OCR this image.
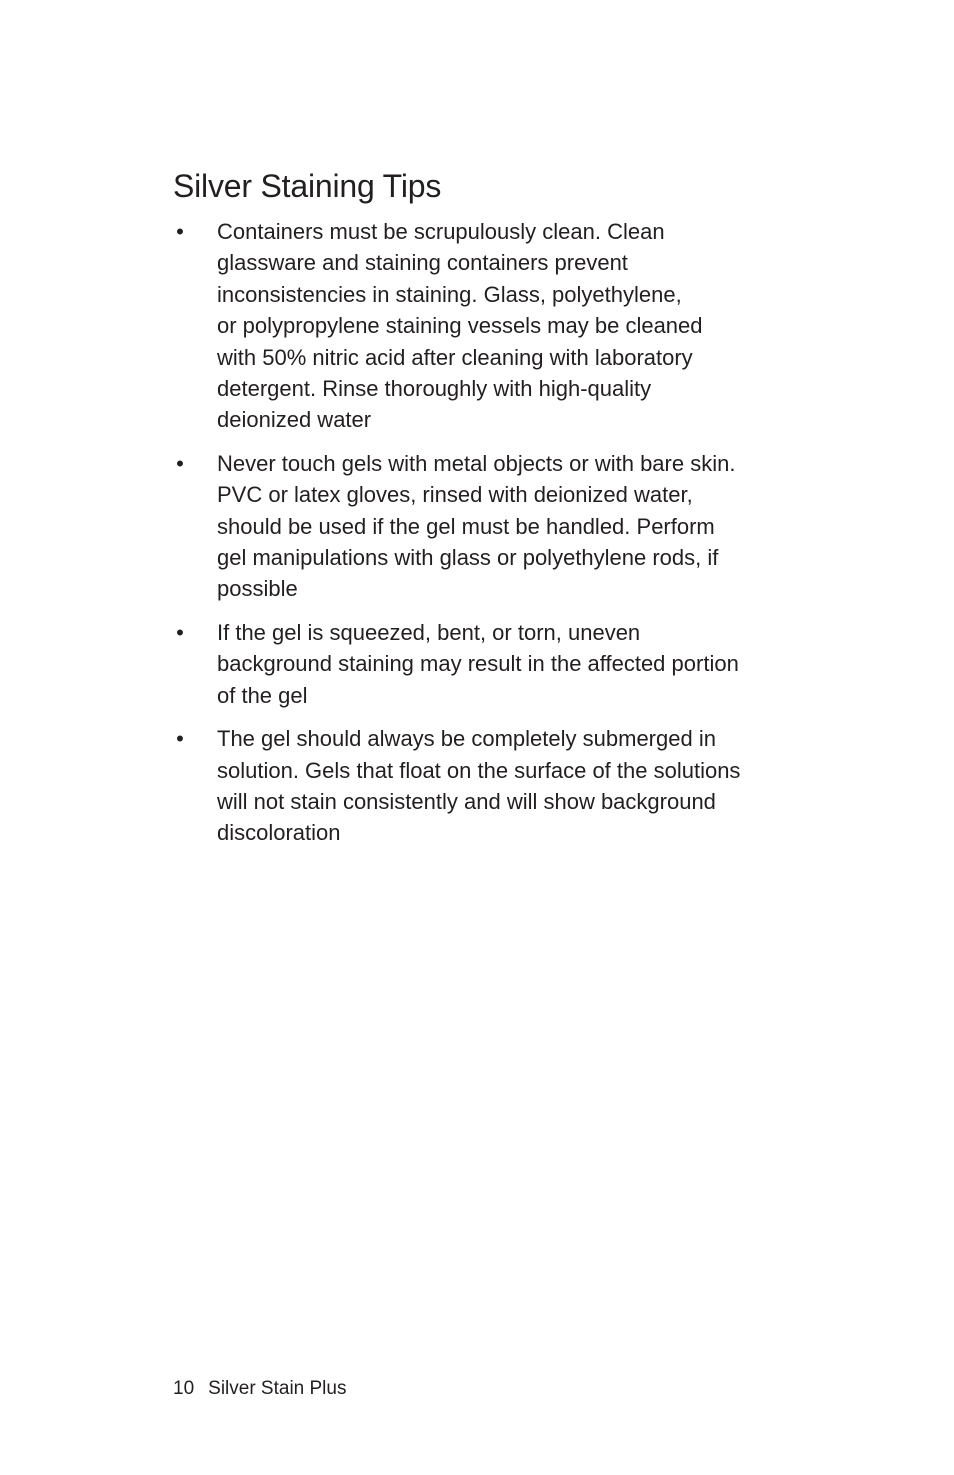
Silver Staining Tips
• Containers must be scrupulously clean. Clean
glassware and staining containers prevent
inconsistencies in staining. Glass, polyethylene,
or polypropylene staining vessels may be cleaned
with 50% nitric acid after cleaning with laboratory
detergent. Rinse thoroughly with high-quality
deionized water
• Never touch gels with metal objects or with bare skin.
PVC or latex gloves, rinsed with deionized water,
should be used if the gel must be handled. Perform
gel manipulations with glass or polyethylene rods, if
possible
• If the gel is squeezed, bent, or torn, uneven
background staining may result in the affected portion
of the gel
• The gel should always be completely submerged in
solution. Gels that float on the surface of the solutions
will not stain consistently and will show background
discoloration
10 Silver Stain Plus
